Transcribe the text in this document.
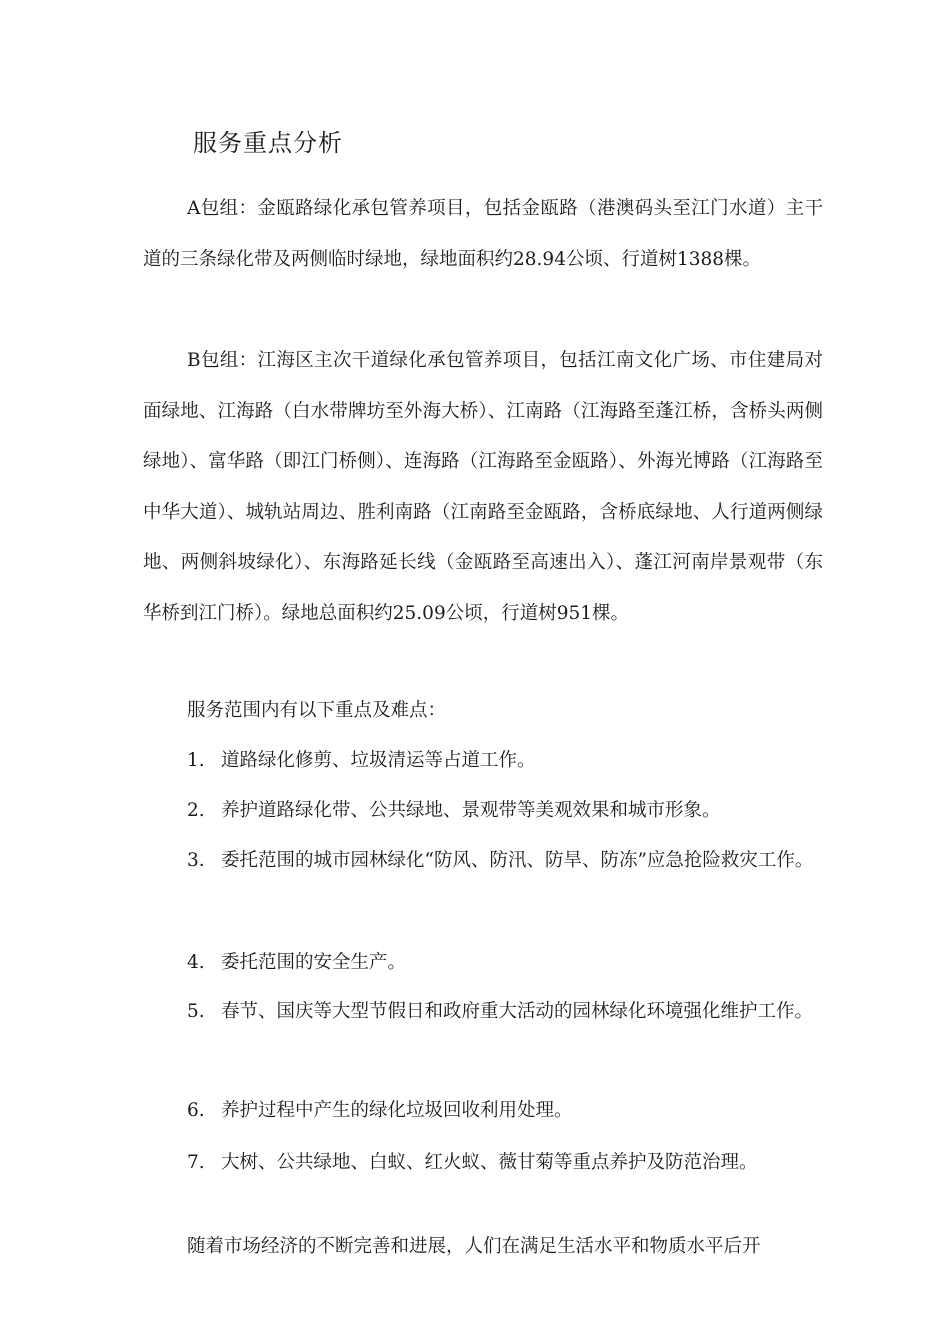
服务重点分析

A包组：金瓯路绿化承包管养项目，包括金瓯路（港澳码头至江门水道）主干道的三条绿化带及两侧临时绿地，绿地面积约28.94公顷、行道树1388棵。

B包组：江海区主次干道绿化承包管养项目，包括江南文化广场、市住建局对面绿地、江海路（白水带牌坊至外海大桥）、江南路（江海路至蓬江桥，含桥头两侧绿地）、富华路（即江门桥侧）、连海路（江海路至金瓯路）、外海光博路（江海路至中华大道）、城轨站周边、胜利南路（江南路至金瓯路，含桥底绿地、人行道两侧绿地、两侧斜坡绿化）、东海路延长线（金瓯路至高速出入）、蓬江河南岸景观带（东华桥到江门桥）。绿地总面积约25.09公顷，行道树951棵。

服务范围内有以下重点及难点：
1. 道路绿化修剪、垃圾清运等占道工作。
2. 养护道路绿化带、公共绿地、景观带等美观效果和城市形象。
3. 委托范围的城市园林绿化“防风、防汛、防旱、防冻”应急抢险救灾工作。
4. 委托范围的安全生产。
5. 春节、国庆等大型节假日和政府重大活动的园林绿化环境强化维护工作。
6. 养护过程中产生的绿化垃圾回收利用处理。
7. 大树、公共绿地、白蚁、红火蚁、薇甘菊等重点养护及防范治理。

随着市场经济的不断完善和进展，人们在满足生活水平和物质水平后开
